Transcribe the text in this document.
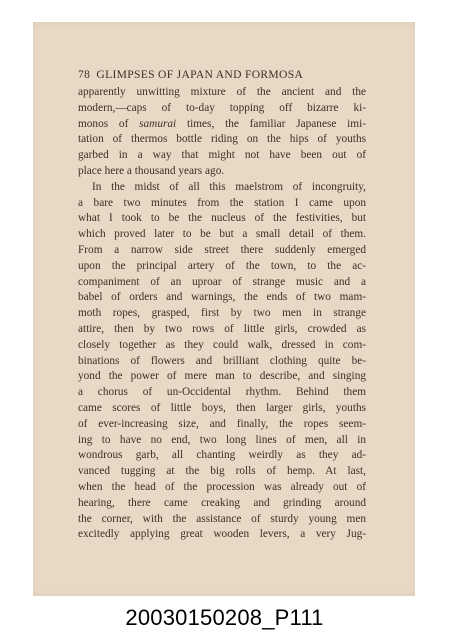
78 GLIMPSES OF JAPAN AND FORMOSA
apparently unwitting mixture of the ancient and the
modern,—caps of to-day topping off bizarre ki-
monos of samurai times, the familiar Japanese imi-
tation of thermos bottle riding on the hips of youths
garbed in a way that might not have been out of
place here a thousand years ago.
In the midst of all this maelstrom of incongruity,
a bare two minutes from the station I came upon
what I took to be the nucleus of the festivities, but
which proved later to be but a small detail of them.
From a narrow side street there suddenly emerged
upon the principal artery of the town, to the ac-
companiment of an uproar of strange music and a
babel of orders and warnings, the ends of two mam-
moth ropes, grasped, first by two men in strange
attire, then by two rows of little girls, crowded as
closely together as they could walk, dressed in com-
binations of flowers and brilliant clothing quite be-
yond the power of mere man to describe, and singing
a chorus of un-Occidental rhythm. Behind them
came scores of little boys, then larger girls, youths
of ever-increasing size, and finally, the ropes seem-
ing to have no end, two long lines of men, all in
wondrous garb, all chanting weirdly as they ad-
vanced tugging at the big rolls of hemp. At last,
when the head of the procession was already out of
hearing, there came creaking and grinding around
the corner, with the assistance of sturdy young men
excitedly applying great wooden levers, a very Jug-
20030150208_P111
